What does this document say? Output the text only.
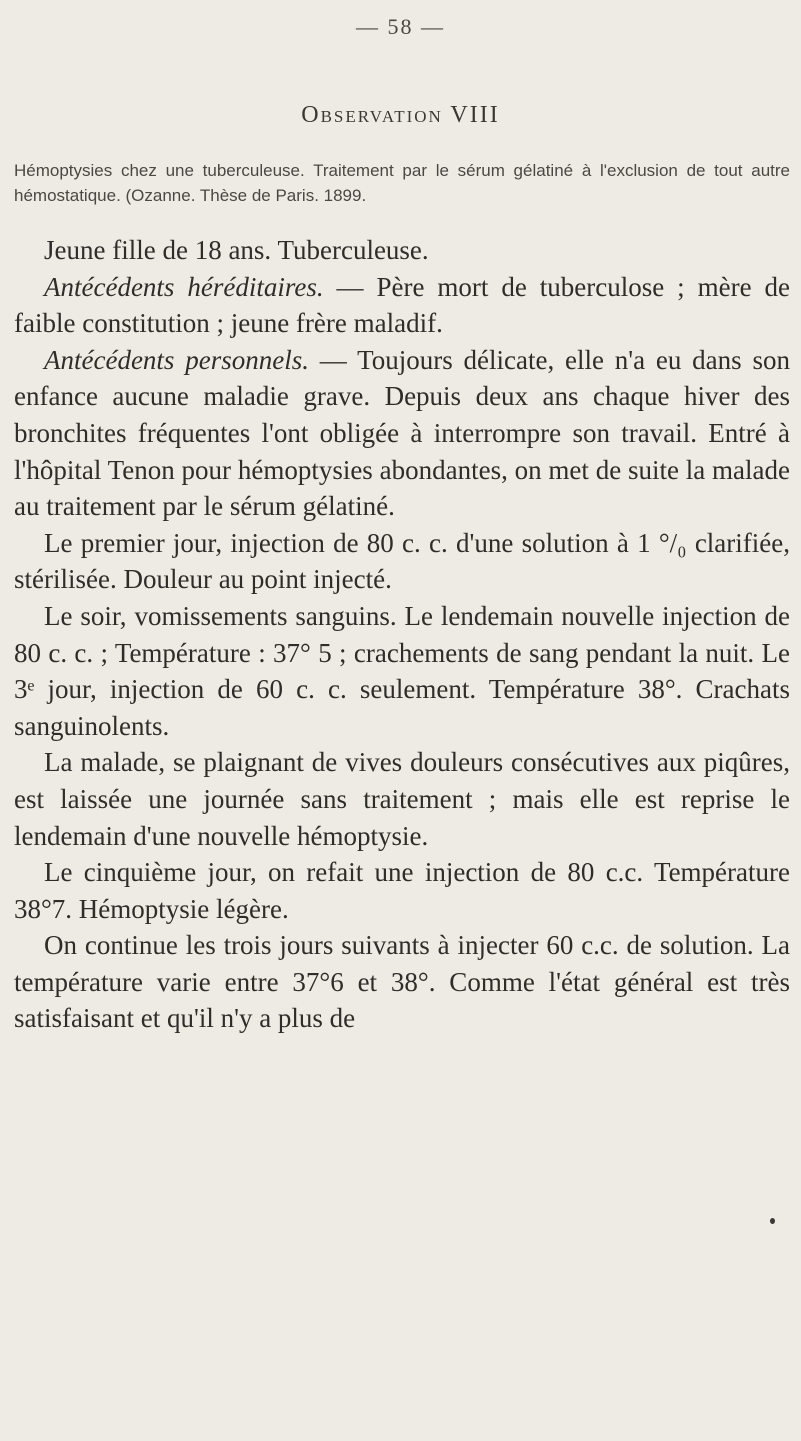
— 58 —
Observation VIII
Hémoptysies chez une tuberculeuse. Traitement par le sérum gélatiné à l'exclusion de tout autre hémostatique. (Ozanne. Thèse de Paris. 1899.

Jeune fille de 18 ans. Tuberculeuse.

Antécédents héréditaires. — Père mort de tuberculose ; mère de faible constitution ; jeune frère maladif.

Antécédents personnels. — Toujours délicate, elle n'a eu dans son enfance aucune maladie grave. Depuis deux ans chaque hiver des bronchites fréquentes l'ont obligée à interrompre son travail. Entré à l'hôpital Tenon pour hémoptysies abondantes, on met de suite la malade au traitement par le sérum gélatiné.

Le premier jour, injection de 80 c. c. d'une solution à 1 °/₀ clarifiée, stérilisée. Douleur au point injecté.

Le soir, vomissements sanguins. Le lendemain nouvelle injection de 80 c. c. ; Température : 37° 5 ; crachements de sang pendant la nuit. Le 3ᵉ jour, injection de 60 c. c. seulement. Température 38°. Crachats sanguinolents.

La malade, se plaignant de vives douleurs consécutives aux piqûres, est laissée une journée sans traitement ; mais elle est reprise le lendemain d'une nouvelle hémoptysie.

Le cinquième jour, on refait une injection de 80 c.c. Température 38°7. Hémoptysie légère.

On continue les trois jours suivants à injecter 60 c.c. de solution. La température varie entre 37°6 et 38°. Comme l'état général est très satisfaisant et qu'il n'y a plus de
